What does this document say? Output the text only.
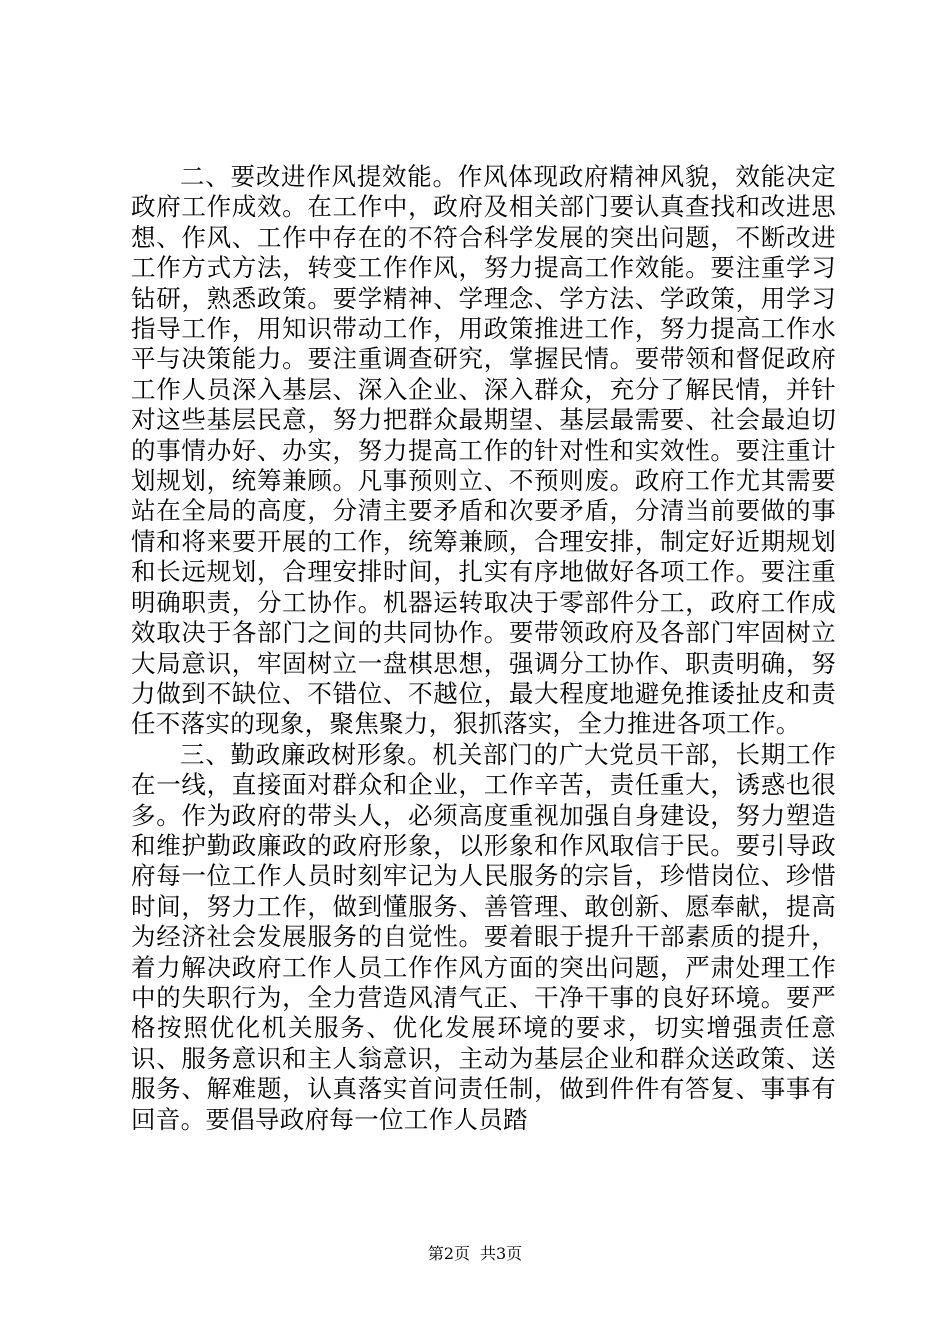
二、要改进作风提效能。作风体现政府精神风貌，效能决定政府工作成效。在工作中，政府及相关部门要认真查找和改进思想、作风、工作中存在的不符合科学发展的突出问题，不断改进工作方式方法，转变工作作风，努力提高工作效能。要注重学习钻研，熟悉政策。要学精神、学理念、学方法、学政策，用学习指导工作，用知识带动工作，用政策推进工作，努力提高工作水平与决策能力。要注重调查研究，掌握民情。要带领和督促政府工作人员深入基层、深入企业、深入群众，充分了解民情，并针对这些基层民意，努力把群众最期望、基层最需要、社会最迫切的事情办好、办实，努力提高工作的针对性和实效性。要注重计划规划，统筹兼顾。凡事预则立、不预则废。政府工作尤其需要站在全局的高度，分清主要矛盾和次要矛盾，分清当前要做的事情和将来要开展的工作，统筹兼顾，合理安排，制定好近期规划和长远规划，合理安排时间，扎实有序地做好各项工作。要注重明确职责，分工协作。机器运转取决于零部件分工，政府工作成效取决于各部门之间的共同协作。要带领政府及各部门牢固树立大局意识，牢固树立一盘棋思想，强调分工协作、职责明确，努力做到不缺位、不错位、不越位，最大程度地避免推诿扯皮和责任不落实的现象，聚焦聚力，狠抓落实，全力推进各项工作。

三、勤政廉政树形象。机关部门的广大党员干部，长期工作在一线，直接面对群众和企业，工作辛苦，责任重大，诱惑也很多。作为政府的带头人，必须高度重视加强自身建设，努力塑造和维护勤政廉政的政府形象，以形象和作风取信于民。要引导政府每一位工作人员时刻牢记为人民服务的宗旨，珍惜岗位、珍惜时间，努力工作，做到懂服务、善管理、敢创新、愿奉献，提高为经济社会发展服务的自觉性。要着眼于提升干部素质的提升，着力解决政府工作人员工作作风方面的突出问题，严肃处理工作中的失职行为，全力营造风清气正、干净干事的良好环境。要严格按照优化机关服务、优化发展环境的要求，切实增强责任意识、服务意识和主人翁意识，主动为基层企业和群众送政策、送服务、解难题，认真落实首问责任制，做到件件有答复、事事有回音。要倡导政府每一位工作人员踏

第2页 共3页
